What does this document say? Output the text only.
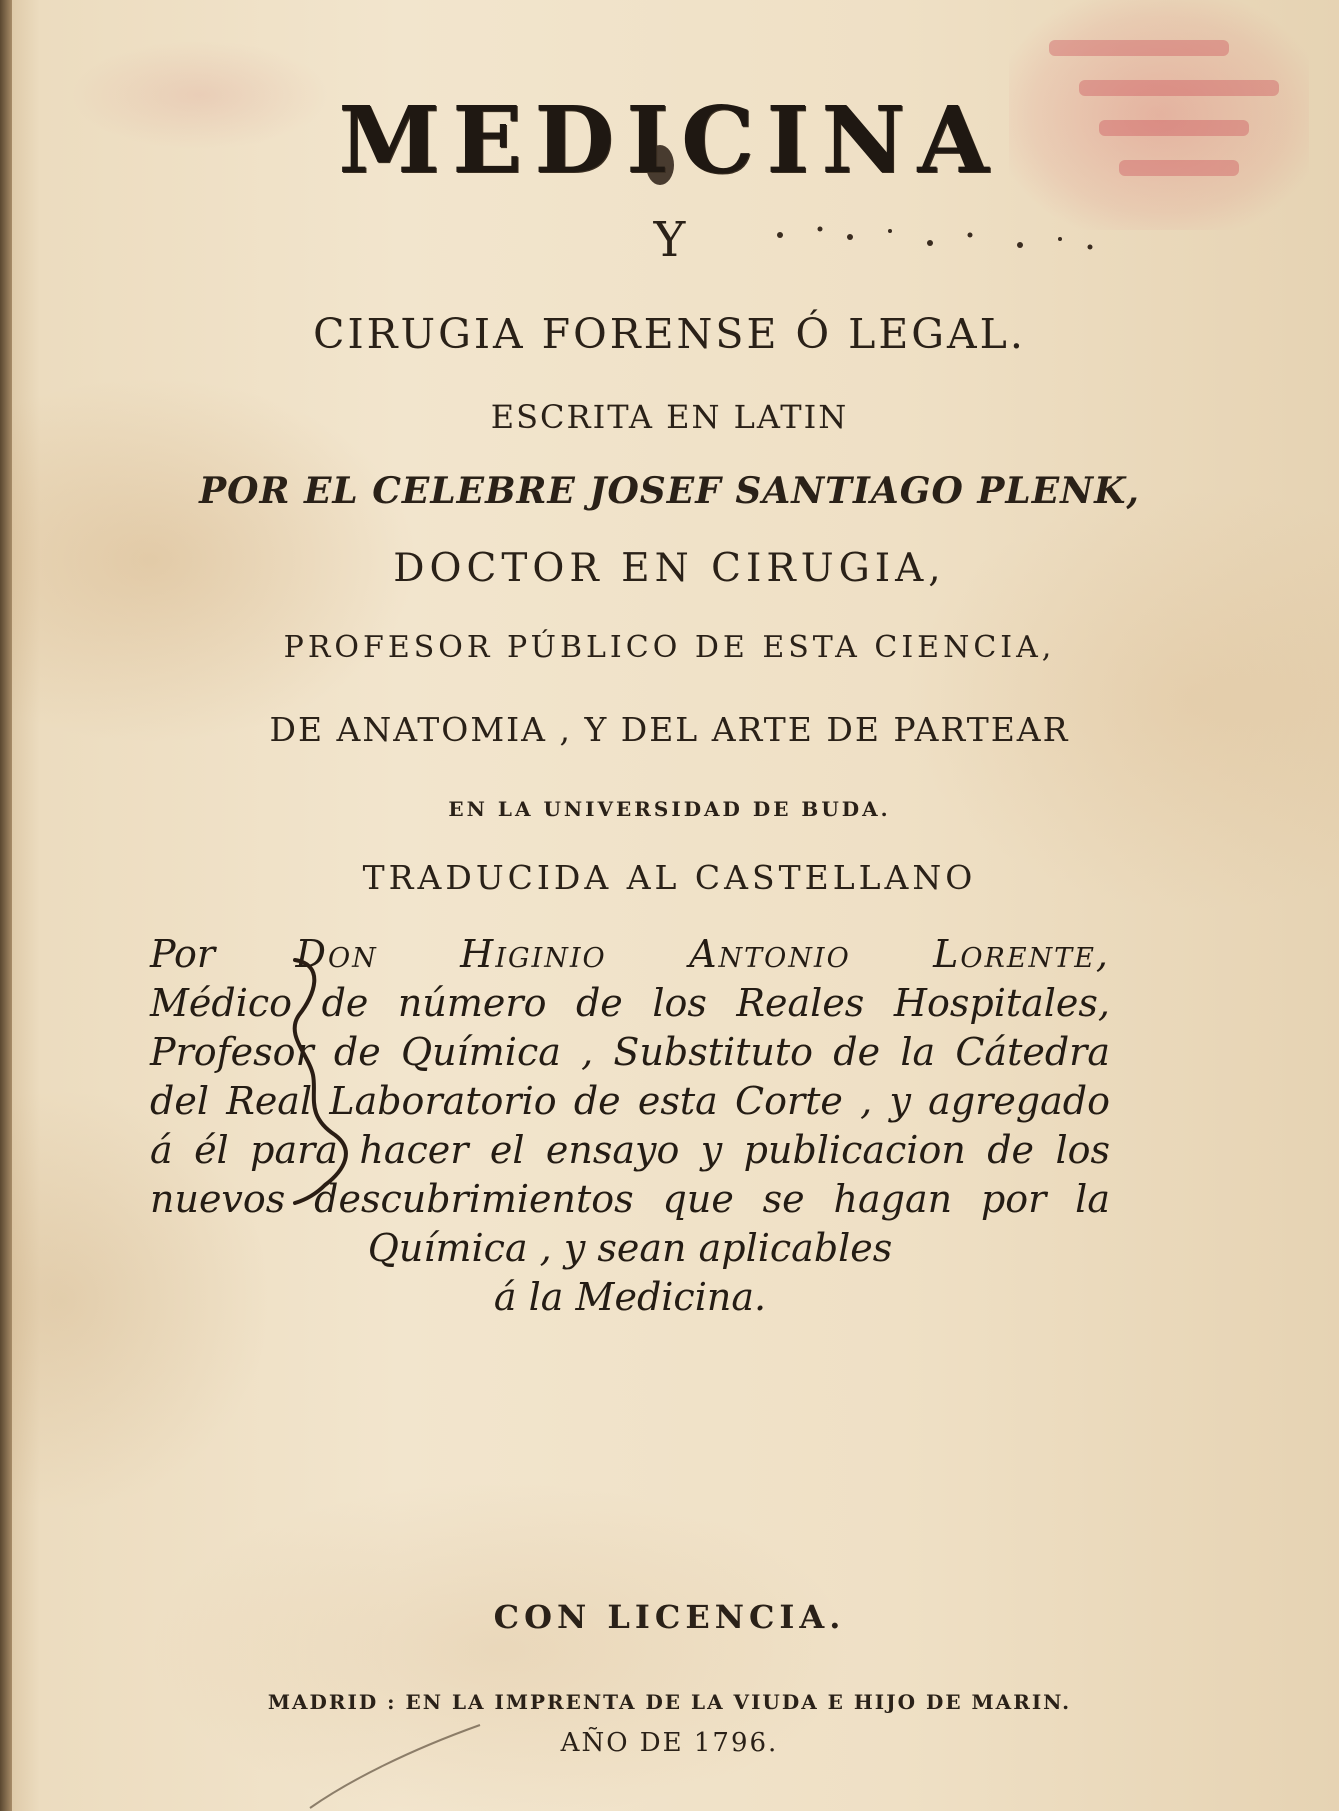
MEDICINA
Y
CIRUGIA FORENSE Ó LEGAL.
ESCRITA EN LATIN
POR EL CELEBRE JOSEF SANTIAGO PLENK,
DOCTOR EN CIRUGIA,
PROFESOR PÚBLICO DE ESTA CIENCIA,
DE ANATOMIA , Y DEL ARTE DE PARTEAR
EN LA UNIVERSIDAD DE BUDA.
TRADUCIDA AL CASTELLANO
Por Don Higinio Antonio Lorente,
Médico de número de los Reales Hospitales,
Profesor de Química , Substituto de la Cátedra
del Real Laboratorio de esta Corte , y agregado
á él para hacer el ensayo y publicacion de los
nuevos descubrimientos que se hagan por la
Química , y sean aplicables
á la Medicina.
CON LICENCIA.
MADRID : EN LA IMPRENTA DE LA VIUDA E HIJO DE MARIN.
AÑO DE 1796.
